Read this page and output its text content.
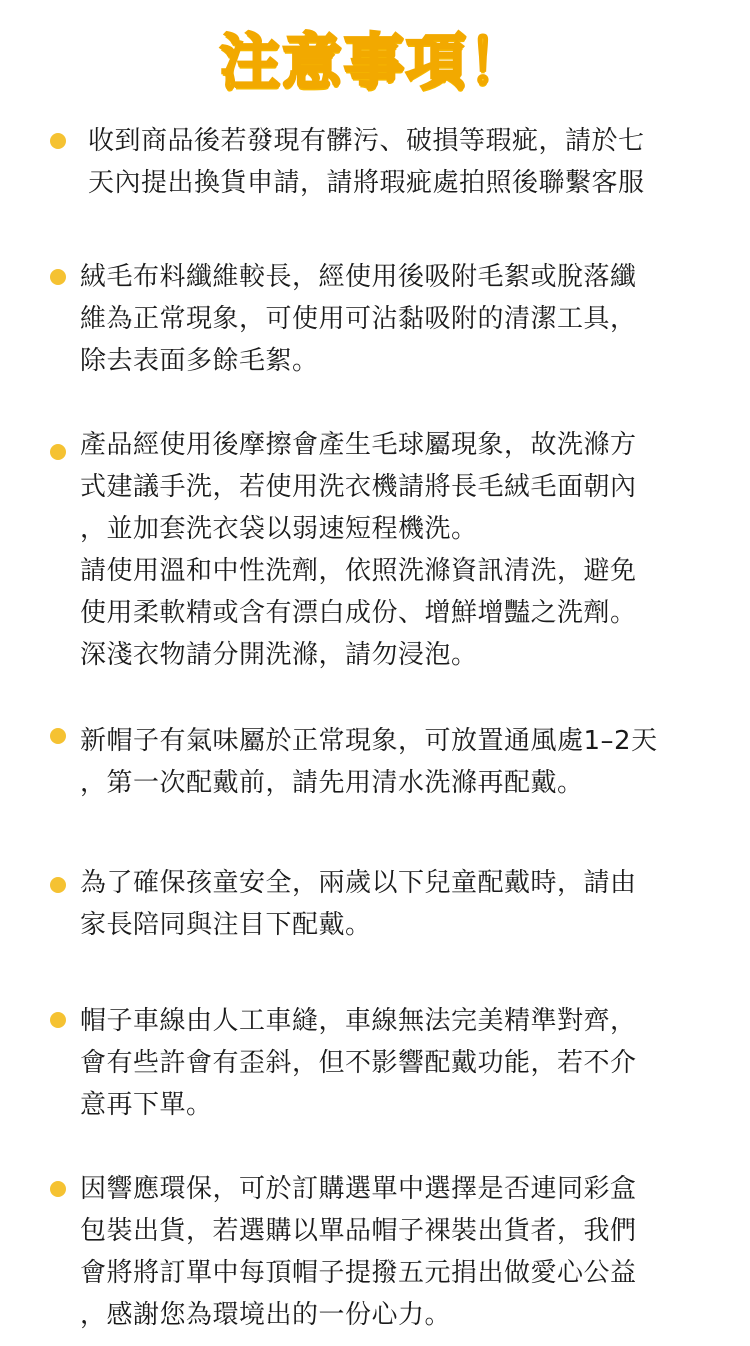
注意事項！
收到商品後若發現有髒污、破損等瑕疵，請於七
天內提出換貨申請，請將瑕疵處拍照後聯繫客服
絨毛布料纖維較長，經使用後吸附毛絮或脫落纖
維為正常現象，可使用可沾黏吸附的清潔工具，
除去表面多餘毛絮。
產品經使用後摩擦會產生毛球屬現象，故洗滌方
式建議手洗，若使用洗衣機請將長毛絨毛面朝內
，並加套洗衣袋以弱速短程機洗。
請使用溫和中性洗劑，依照洗滌資訊清洗，避免
使用柔軟精或含有漂白成份、增鮮增豔之洗劑。
深淺衣物請分開洗滌，請勿浸泡。
新帽子有氣味屬於正常現象，可放置通風處1–2天
，第一次配戴前，請先用清水洗滌再配戴。
為了確保孩童安全，兩歲以下兒童配戴時，請由
家長陪同與注目下配戴。
帽子車線由人工車縫，車線無法完美精準對齊，
會有些許會有歪斜，但不影響配戴功能，若不介
意再下單。
因響應環保，可於訂購選單中選擇是否連同彩盒
包裝出貨，若選購以單品帽子裸裝出貨者，我們
會將將訂單中每頂帽子提撥五元捐出做愛心公益
，感謝您為環境出的一份心力。
